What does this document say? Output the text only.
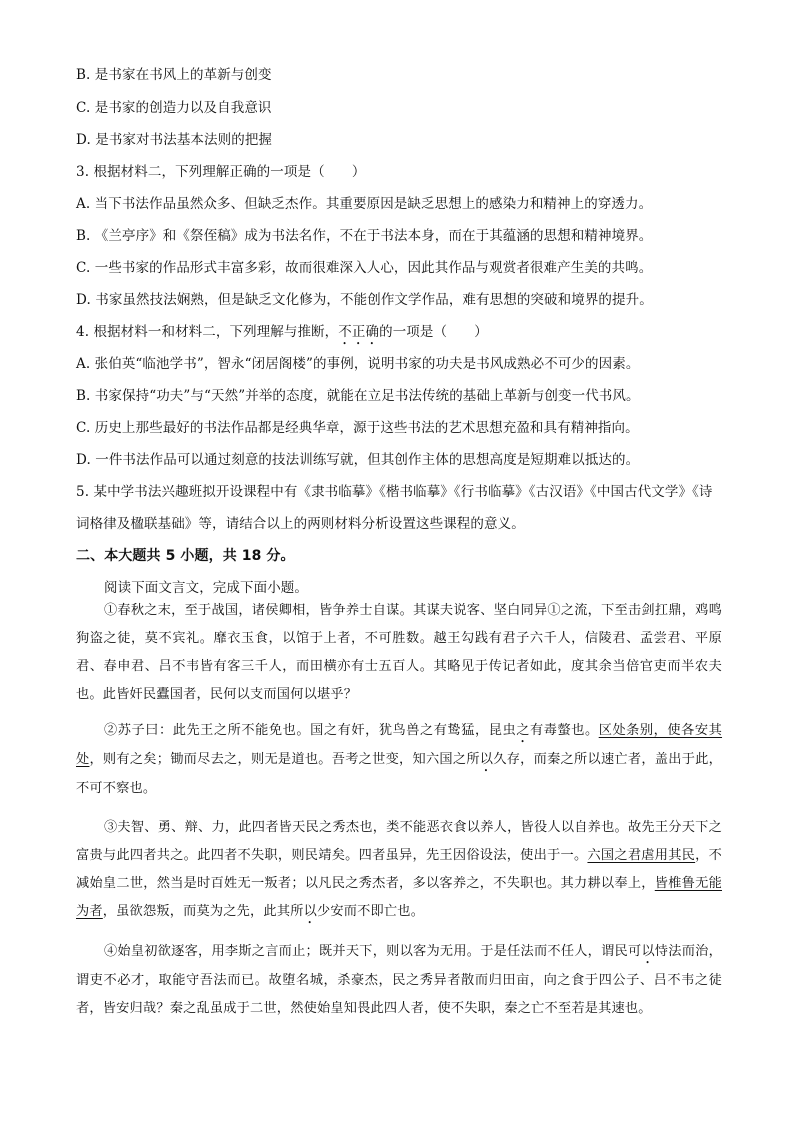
B. 是书家在书风上的革新与创变
C. 是书家的创造力以及自我意识
D. 是书家对书法基本法则的把握
3. 根据材料二，下列理解正确的一项是（　　）
A. 当下书法作品虽然众多、但缺乏杰作。其重要原因是缺乏思想上的感染力和精神上的穿透力。
B. 《兰亭序》和《祭侄稿》成为书法名作，不在于书法本身，而在于其蕴涵的思想和精神境界。
C. 一些书家的作品形式丰富多彩，故而很难深入人心，因此其作品与观赏者很难产生美的共鸣。
D. 书家虽然技法娴熟，但是缺乏文化修为，不能创作文学作品，难有思想的突破和境界的提升。
4. 根据材料一和材料二，下列理解与推断，不正确的一项是（　　）
A. 张伯英“临池学书”，智永“闭居阁楼”的事例，说明书家的功夫是书风成熟必不可少的因素。
B. 书家保持“功夫”与“天然”并举的态度，就能在立足书法传统的基础上革新与创变一代书风。
C. 历史上那些最好的书法作品都是经典华章，源于这些书法的艺术思想充盈和具有精神指向。
D. 一件书法作品可以通过刻意的技法训练写就，但其创作主体的思想高度是短期难以抵达的。
5. 某中学书法兴趣班拟开设课程中有《隶书临摹》《楷书临摹》《行书临摹》《古汉语》《中国古代文学》《诗
词格律及楹联基础》等，请结合以上的两则材料分析设置这些课程的意义。
二、本大题共 5 小题，共 18 分。
阅读下面文言文，完成下面小题。
①春秋之末，至于战国，诸侯卿相，皆争养士自谋。其谋夫说客、坚白同异①之流，下至击剑扛鼎，鸡鸣狗盗之徒，莫不宾礼。靡衣玉食，以馆于上者，不可胜数。越王勾践有君子六千人，信陵君、孟尝君、平原君、春申君、吕不韦皆有客三千人，而田横亦有士五百人。其略见于传记者如此，度其余当倍官吏而半农夫也。此皆奸民蠹国者，民何以支而国何以堪乎？
②苏子曰：此先王之所不能免也。国之有奸，犹鸟兽之有鸷猛，昆虫之有毒螫也。区处条别，使各安其处，则有之矣；锄而尽去之，则无是道也。吾考之世变，知六国之所以久存，而秦之所以速亡者，盖出于此，不可不察也。
③夫智、勇、辩、力，此四者皆天民之秀杰也，类不能恶衣食以养人，皆役人以自养也。故先王分天下之富贵与此四者共之。此四者不失职，则民靖矣。四者虽异，先王因俗设法，使出于一。六国之君虐用其民，不减始皇二世，然当是时百姓无一叛者；以凡民之秀杰者，多以客养之，不失职也。其力耕以奉上，皆椎鲁无能为者，虽欲怨叛，而莫为之先，此其所以少安而不即亡也。
④始皇初欲逐客，用李斯之言而止；既并天下，则以客为无用。于是任法而不任人，谓民可以恃法而治，谓吏不必才，取能守吾法而已。故堕名城，杀豪杰，民之秀异者散而归田亩，向之食于四公子、吕不韦之徒者，皆安归哉？秦之乱虽成于二世，然使始皇知畏此四人者，使不失职，秦之亡不至若是其速也。
